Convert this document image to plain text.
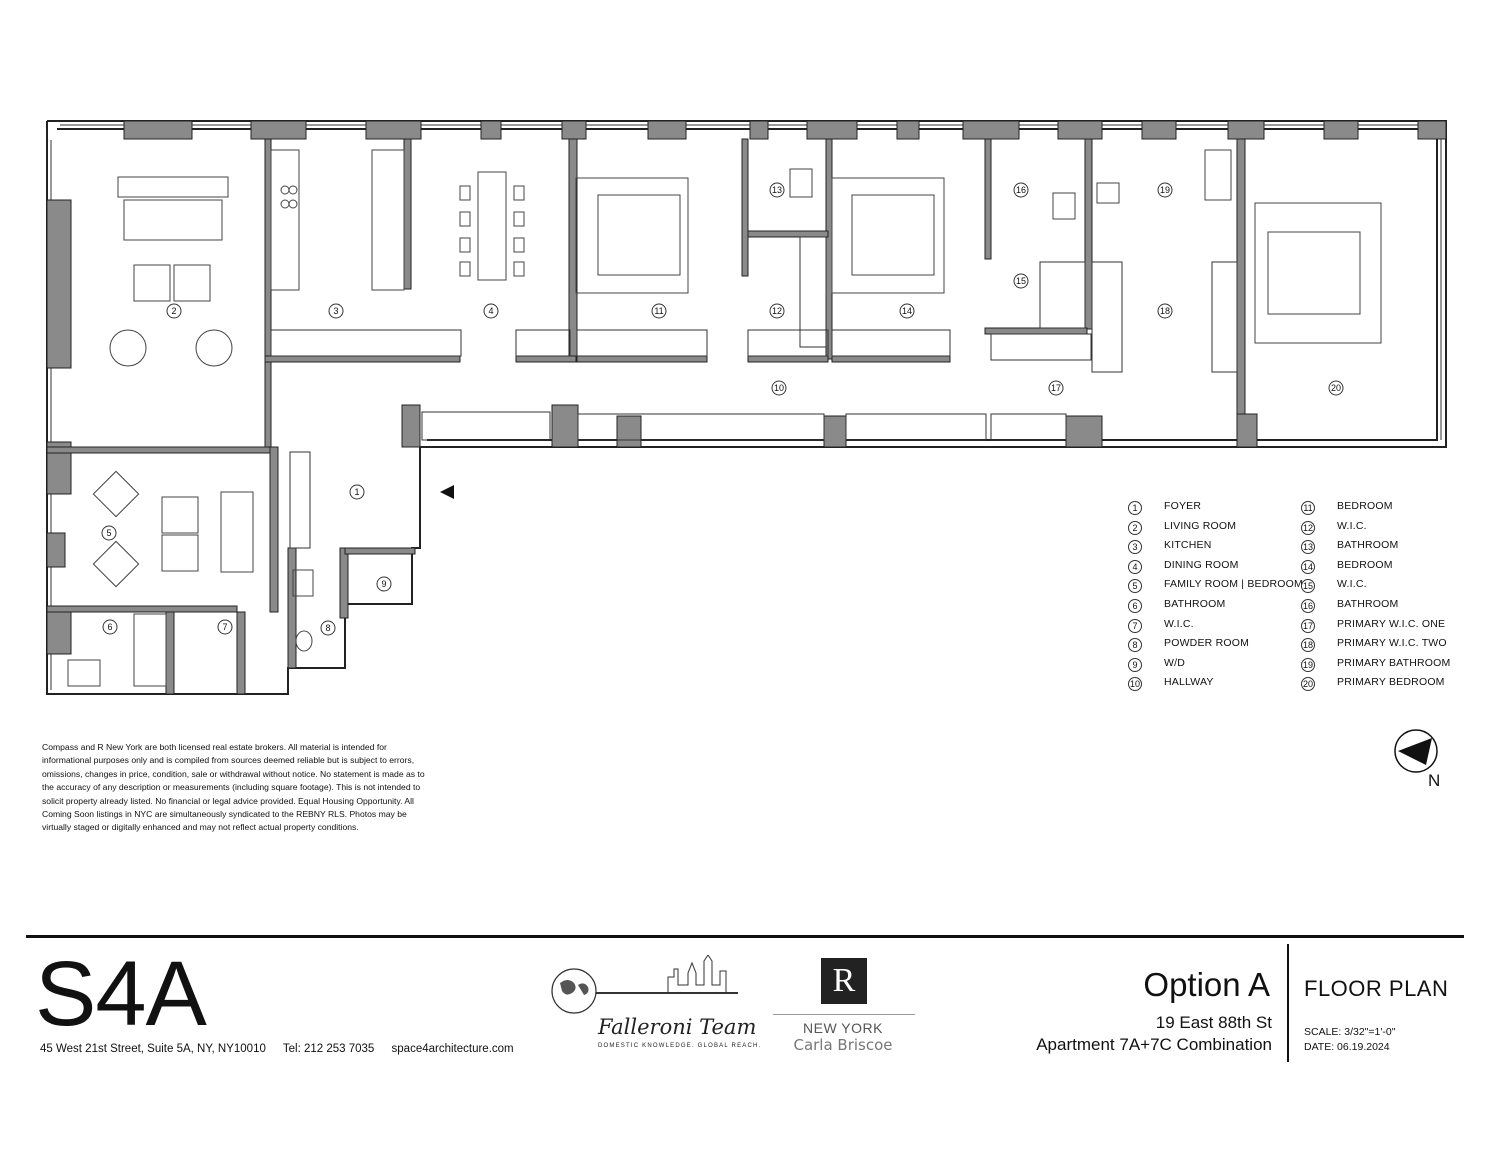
1
2	3	4
5
6	7	8
9
10
11	12
13
14
15
16
17
18
19
20
1	FOYER
2	LIVING ROOM
3	KITCHEN
4	DINING ROOM
5	FAMILY ROOM | BEDROOM
6	BATHROOM
7	W.I.C.
8	POWDER ROOM
9	W/D
10 HALLWAY
11 BEDROOM
12 W.I.C.
13 BATHROOM
14 BEDROOM
15 W.I.C.
16 BATHROOM
17 PRIMARY W.I.C. ONE
18 PRIMARY W.I.C. TWO
19 PRIMARY BATHROOM
20 PRIMARY BEDROOM
N
Compass and R New York are both licensed real estate brokers. All material is intended for informational purposes only and is compiled from sources deemed reliable but is subject to errors, omissions, changes in price, condition, sale or withdrawal without notice. No statement is made as to the accuracy of any description or measurements (including square footage). This is not intended to solicit property already listed. No financial or legal advice provided. Equal Housing Opportunity. All Coming Soon listings in NYC are simultaneously syndicated to the REBNY RLS. Photos may be virtually staged or digitally enhanced and may not reflect actual property conditions.
S4A
45 West 21st Street, Suite 5A, NY, NY10010 Tel: 212 253 7035 space4architecture.com
Falleroni Team
DOMESTIC KNOWLEDGE. GLOBAL REACH.
R
NEW YORK
Carla Briscoe
Option A
19 East 88th St
Apartment 7A+7C Combination
FLOOR PLAN
SCALE: 3/32"=1'-0"
DATE: 06.19.2024
